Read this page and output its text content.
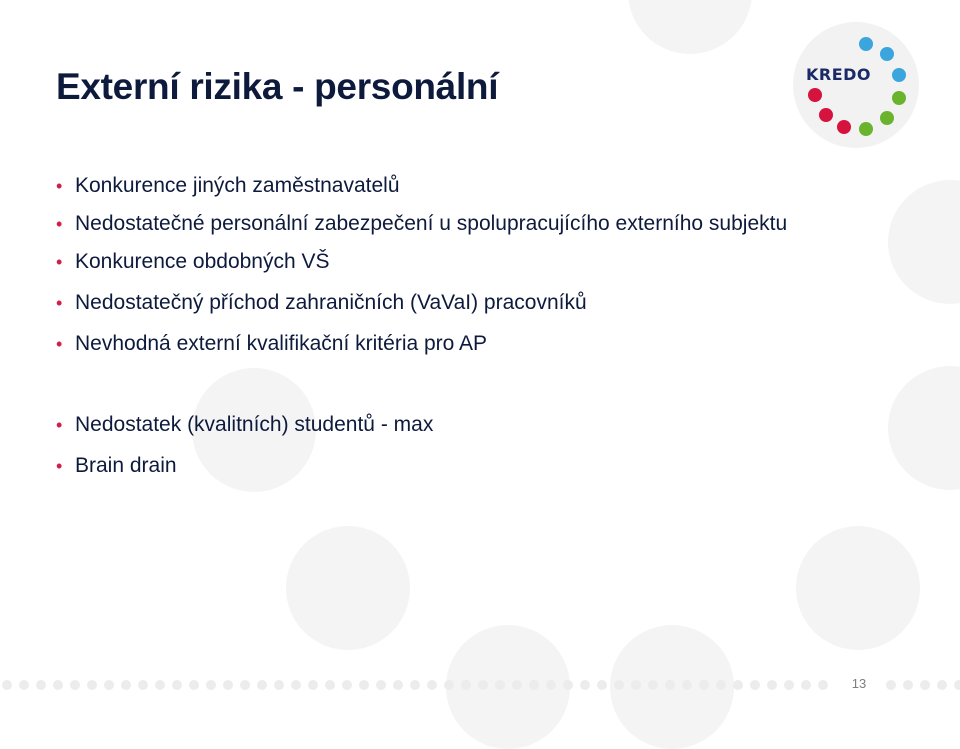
KREDO
Externí rizika - personální
• Konkurence jiných zaměstnavatelů
• Nedostatečné personální zabezpečení u spolupracujícího externího subjektu
• Konkurence obdobných VŠ
• Nedostatečný příchod zahraničních (VaVaI) pracovníků
• Nevhodná externí kvalifikační kritéria pro AP
• Nedostatek (kvalitních) studentů - max
• Brain drain
13
